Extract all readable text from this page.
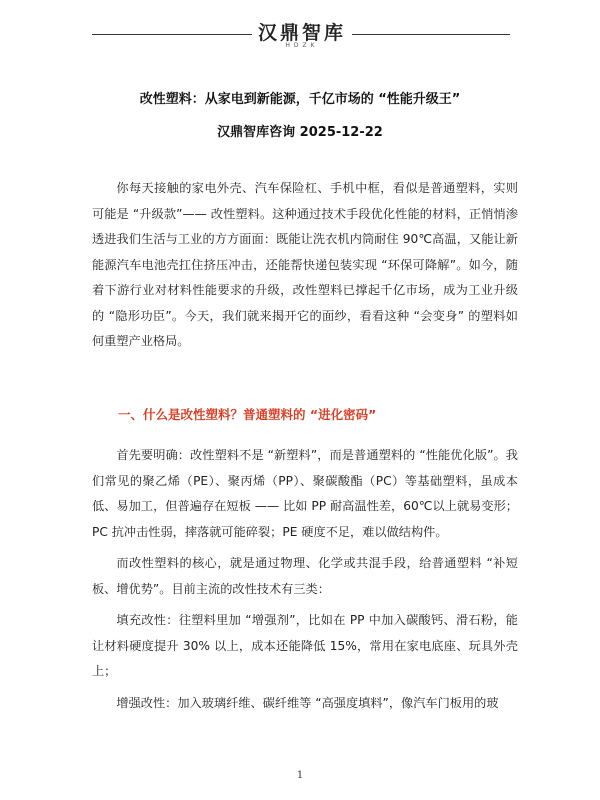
汉鼎智库
HDZK
改性塑料：从家电到新能源，千亿市场的 “性能升级王”
汉鼎智库咨询 2025-12-22

你每天接触的家电外壳、汽车保险杠、手机中框，看似是普通塑料，实则可能是 “升级款”—— 改性塑料。这种通过技术手段优化性能的材料，正悄悄渗透进我们生活与工业的方方面面：既能让洗衣机内筒耐住 90℃高温，又能让新能源汽车电池壳扛住挤压冲击，还能帮快递包装实现 “环保可降解”。如今，随着下游行业对材料性能要求的升级，改性塑料已撑起千亿市场，成为工业升级的 “隐形功臣”。今天，我们就来揭开它的面纱，看看这种 “会变身” 的塑料如何重塑产业格局。

一、什么是改性塑料？普通塑料的 “进化密码”

首先要明确：改性塑料不是 “新塑料”，而是普通塑料的 “性能优化版”。我们常见的聚乙烯（PE）、聚丙烯（PP）、聚碳酸酯（PC）等基础塑料，虽成本低、易加工，但普遍存在短板 —— 比如 PP 耐高温性差，60℃以上就易变形；PC 抗冲击性弱，摔落就可能碎裂；PE 硬度不足，难以做结构件。

而改性塑料的核心，就是通过物理、化学或共混手段，给普通塑料 “补短板、增优势”。目前主流的改性技术有三类：

填充改性：往塑料里加 “增强剂”，比如在 PP 中加入碳酸钙、滑石粉，能让材料硬度提升 30% 以上，成本还能降低 15%，常用在家电底座、玩具外壳上；

增强改性：加入玻璃纤维、碳纤维等 “高强度填料”，像汽车门板用的玻

1
